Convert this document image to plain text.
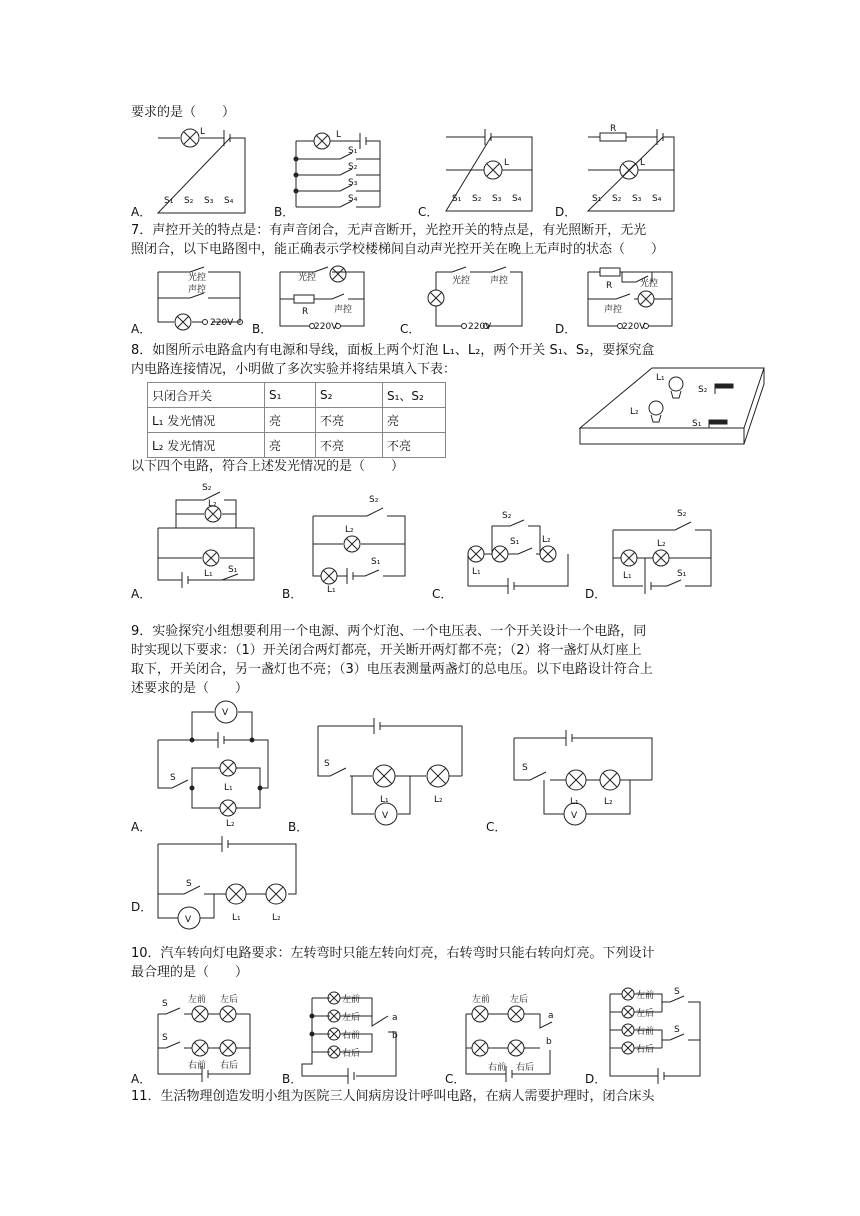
要求的是（　　）
A．
L
S₁ S₂ S₃ S₄
B．
L
S₁
S₂
S₃
S₄
C．
L
S₁ S₂ S₃ S₄
D．
R
L
S₁ S₂ S₃ S₄
7．声控开关的特点是：有声音闭合，无声音断开，光控开关的特点是，有光照断开，无光
照闭合，以下电路图中，能正确表示学校楼梯间自动声光控开关在晚上无声时的状态（　　）
A．
光控
声控
220V B．
光控
R	声控
220V	C．
光控 声控
220V	D．
R	光控
声控
220V
8．如图所示电路盒内有电源和导线，面板上两个灯泡 L₁、L₂，两个开关 S₁、S₂，要探究盒
内电路连接情况，小明做了多次实验并将结果填入下表：
只闭合开关	S₁	S₂	S₁、S₂
L₁ 发光情况	亮	不亮	亮
L₂ 发光情况	亮	不亮	不亮
L₁
S₂
L₂
S₁
以下四个电路，符合上述发光情况的是（　　）
A．
S₂
L₂
L₁ S₁
B．
S₂
L₂
L₁
S₁
C．
S₂
S₁	L₂
L₁
D．
S₂
L₂
L₁	S₁
9．实验探究小组想要利用一个电源、两个灯泡、一个电压表、一个开关设计一个电路，同
时实现以下要求：（1）开关闭合两灯都亮，开关断开两灯都不亮；（2）将一盏灯从灯座上
取下，开关闭合，另一盏灯也不亮；（3）电压表测量两盏灯的总电压。以下电路设计符合上
述要求的是（　　）
A．
V
S
L₁
L₂	B．
S
L₁	L₂
V
C．
S
L₁	L₂
V
D．
S
V	L₁	L₂
10．汽车转向灯电路要求：左转弯时只能左转向灯亮，右转弯时只能右转向灯亮。下列设计
最合理的是（　　）
A．
S 左前 左后
S
右前 右后
B．
左前
左后
右前
右后
a
b
C．
左前 左后
右前 右后
a
b
D．
左前
左后
右前
右后
S
S
11．生活物理创造发明小组为医院三人间病房设计呼叫电路，在病人需要护理时，闭合床头
